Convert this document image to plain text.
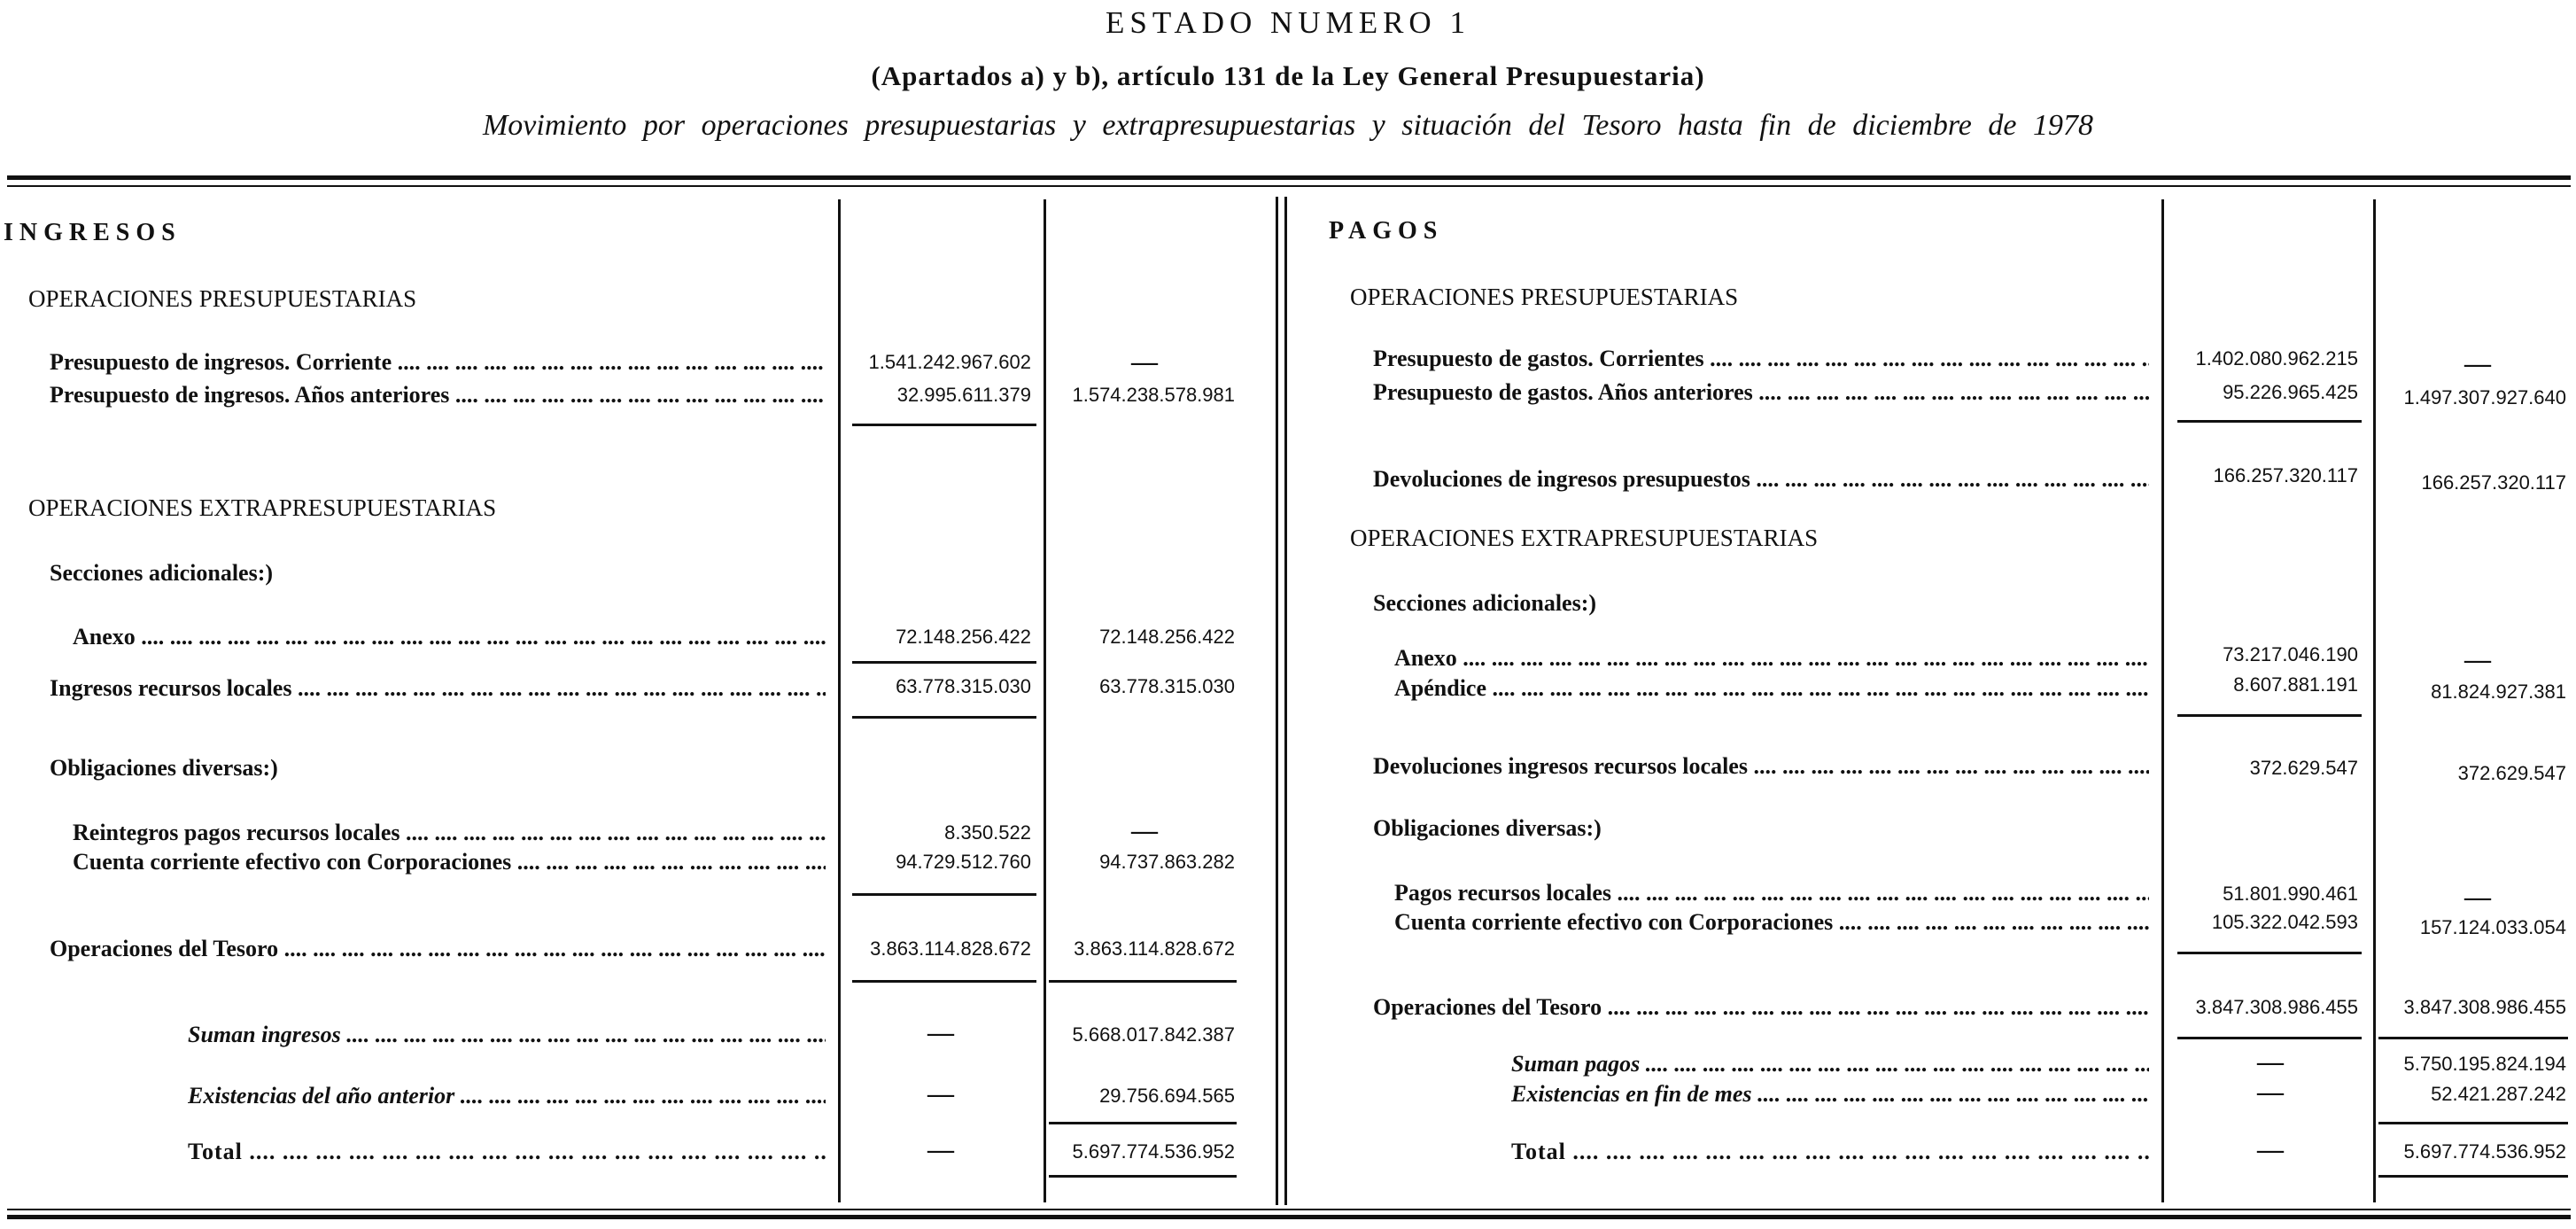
ESTADO NUMERO 1
(Apartados a) y b), artículo 131 de la Ley General Presupuestaria)
Movimiento por operaciones presupuestarias y extrapresupuestarias y situación del Tesoro hasta fin de diciembre de 1978
INGRESOS
OPERACIONES PRESUPUESTARIAS
Presupuesto de ingresos. Corriente ....	1.541.242.967.602	—
Presupuesto de ingresos. Años anteriores ....	32.995.611.379	1.574.238.578.981
OPERACIONES EXTRAPRESUPUESTARIAS
Secciones adicionales:)
Anexo ....	72.148.256.422	72.148.256.422
Ingresos recursos locales ....	63.778.315.030	63.778.315.030
Obligaciones diversas:)
Reintegros pagos recursos locales ....	8.350.522	—
Cuenta corriente efectivo con Corporaciones ....	94.729.512.760	94.737.863.282
Operaciones del Tesoro ....	3.863.114.828.672	3.863.114.828.672
Suman ingresos ....	—	5.668.017.842.387
Existencias del año anterior ....	—	29.756.694.565
Total ....	—	5.697.774.536.952
PAGOS
OPERACIONES PRESUPUESTARIAS
Presupuesto de gastos. Corrientes ....	1.402.080.962.215	—
Presupuesto de gastos. Años anteriores ....	95.226.965.425	1.497.307.927.640
Devoluciones de ingresos presupuestos ....	166.257.320.117	166.257.320.117
OPERACIONES EXTRAPRESUPUESTARIAS
Secciones adicionales:)
Anexo ....	73.217.046.190	—
Apéndice ....	8.607.881.191	81.824.927.381
Devoluciones ingresos recursos locales ....	372.629.547	372.629.547
Obligaciones diversas:)
Pagos recursos locales ....	51.801.990.461	—
Cuenta corriente efectivo con Corporaciones ....	105.322.042.593	157.124.033.054
Operaciones del Tesoro ....	3.847.308.986.455	3.847.308.986.455
Suman pagos ....	—	5.750.195.824.194
Existencias en fin de mes ....	—	52.421.287.242
Total ....	—	5.697.774.536.952
